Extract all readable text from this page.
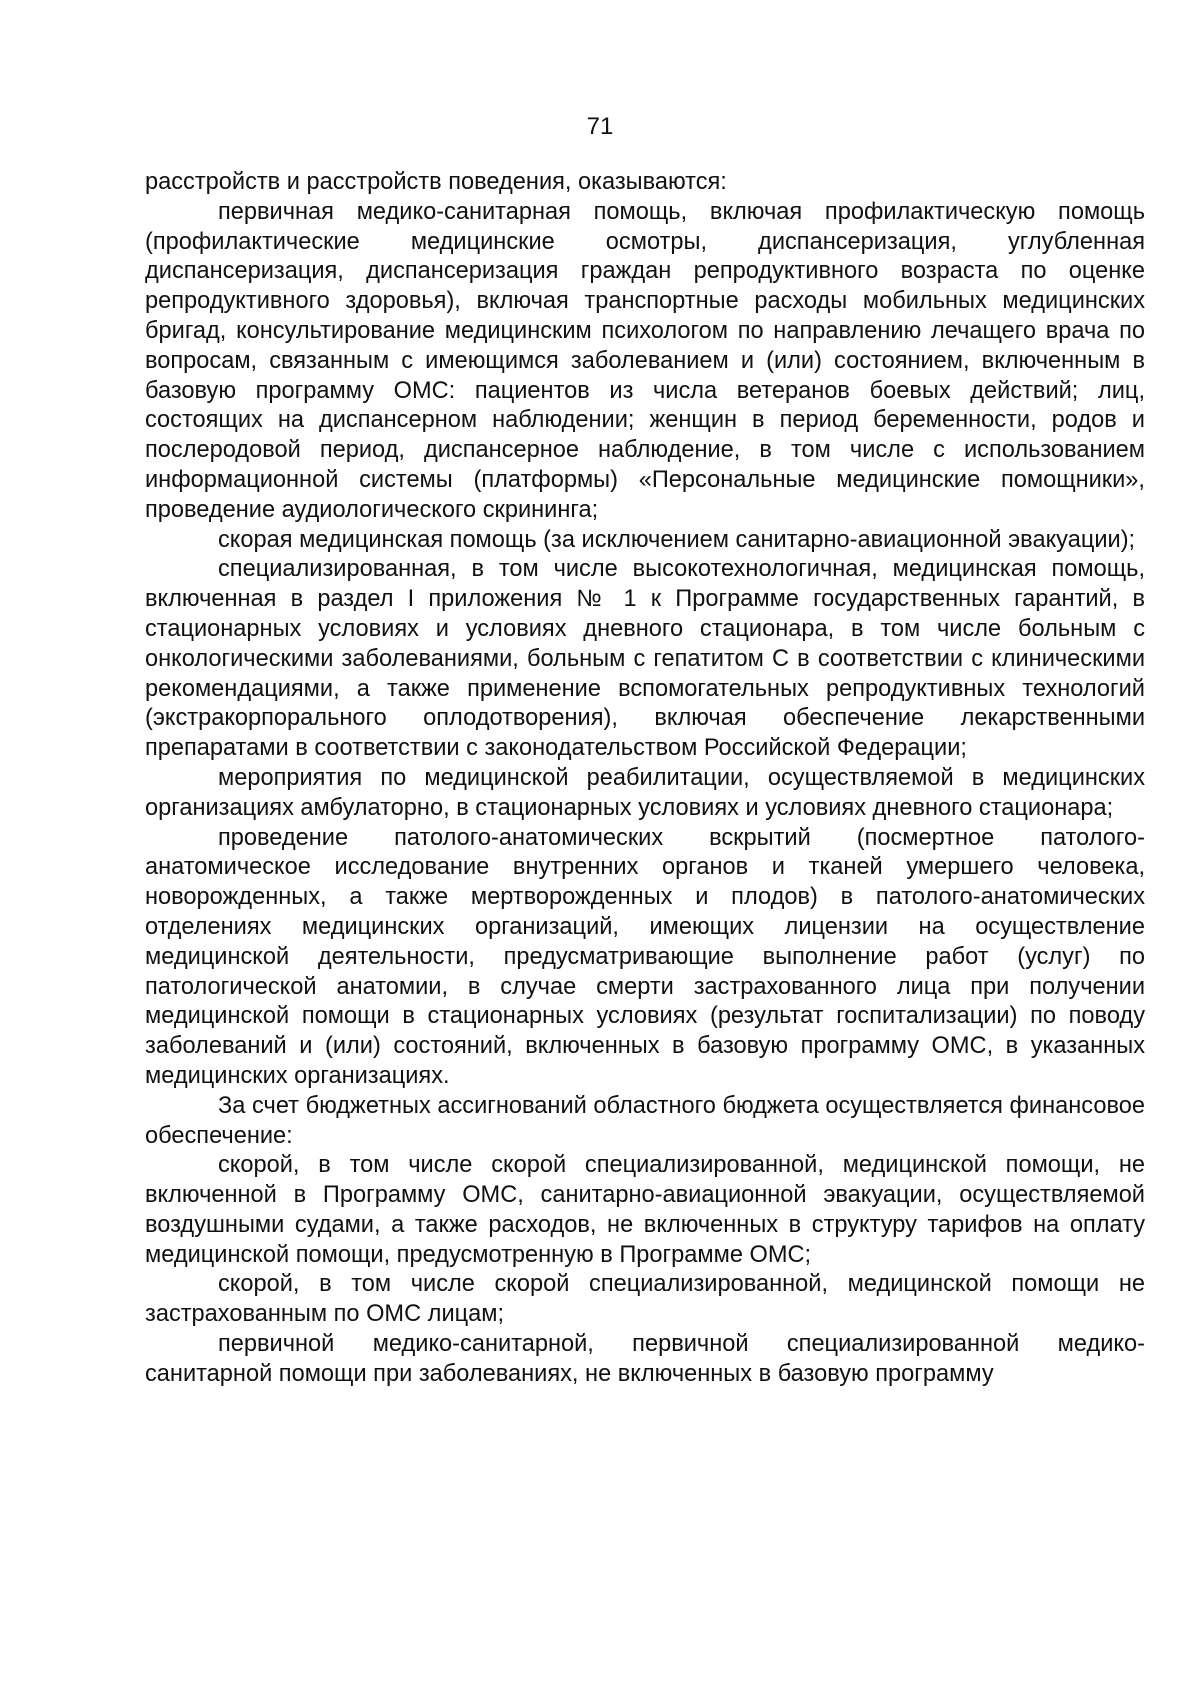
71

расстройств и расстройств поведения, оказываются:

первичная медико-санитарная помощь, включая профилактическую помощь (профилактические медицинские осмотры, диспансеризация, углубленная диспансеризация, диспансеризация граждан репродуктивного возраста по оценке репродуктивного здоровья), включая транспортные расходы мобильных медицинских бригад, консультирование медицинским психологом по направлению лечащего врача по вопросам, связанным с имеющимся заболеванием и (или) состоянием, включенным в базовую программу ОМС: пациентов из числа ветеранов боевых действий; лиц, состоящих на диспансерном наблюдении; женщин в период беременности, родов и послеродовой период, диспансерное наблюдение, в том числе с использованием информационной системы (платформы) «Персональные медицинские помощники», проведение аудиологического скрининга;

скорая медицинская помощь (за исключением санитарно-авиационной эвакуации);

специализированная, в том числе высокотехнологичная, медицинская помощь, включенная в раздел I приложения № 1 к Программе государственных гарантий, в стационарных условиях и условиях дневного стационара, в том числе больным с онкологическими заболеваниями, больным с гепатитом С в соответствии с клиническими рекомендациями, а также применение вспомогательных репродуктивных технологий (экстракорпорального оплодотворения), включая обеспечение лекарственными препаратами в соответствии с законодательством Российской Федерации;

мероприятия по медицинской реабилитации, осуществляемой в медицинских организациях амбулаторно, в стационарных условиях и условиях дневного стационара;

проведение патолого-анатомических вскрытий (посмертное патолого-анатомическое исследование внутренних органов и тканей умершего человека, новорожденных, а также мертворожденных и плодов) в патолого-анатомических отделениях медицинских организаций, имеющих лицензии на осуществление медицинской деятельности, предусматривающие выполнение работ (услуг) по патологической анатомии, в случае смерти застрахованного лица при получении медицинской помощи в стационарных условиях (результат госпитализации) по поводу заболеваний и (или) состояний, включенных в базовую программу ОМС, в указанных медицинских организациях.

За счет бюджетных ассигнований областного бюджета осуществляется финансовое обеспечение:

скорой, в том числе скорой специализированной, медицинской помощи, не включенной в Программу ОМС, санитарно-авиационной эвакуации, осуществляемой воздушными судами, а также расходов, не включенных в структуру тарифов на оплату медицинской помощи, предусмотренную в Программе ОМС;

скорой, в том числе скорой специализированной, медицинской помощи не застрахованным по ОМС лицам;

первичной медико-санитарной, первичной специализированной медико-санитарной помощи при заболеваниях, не включенных в базовую программу
